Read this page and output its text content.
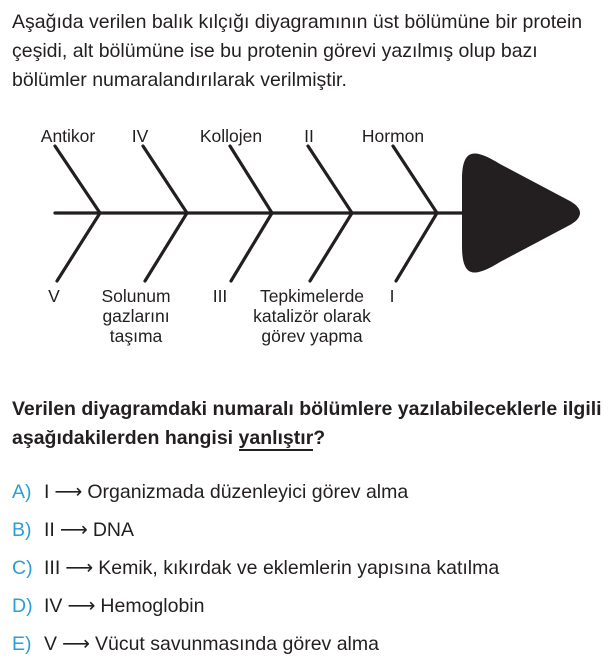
Aşağıda verilen balık kılçığı diyagramının üst bölümüne bir protein çeşidi, alt bölümüne ise bu protenin görevi yazılmış olup bazı bölümler numaralandırılarak verilmiştir.

Antikor IV	Kollojen II	Hormon
V	Solunum gazlarını taşıma
III	Tepkimelerde katalizör olarak görev yapma
I

Verilen diyagramdaki numaralı bölümlere yazılabileceklerle ilgili aşağıdakilerden hangisi yanlıştır?

A) I ⟶ Organizmada düzenleyici görev alma
B) II ⟶ DNA
C) III ⟶ Kemik, kıkırdak ve eklemlerin yapısına katılma
D) IV ⟶ Hemoglobin
E) V ⟶ Vücut savunmasında görev alma
